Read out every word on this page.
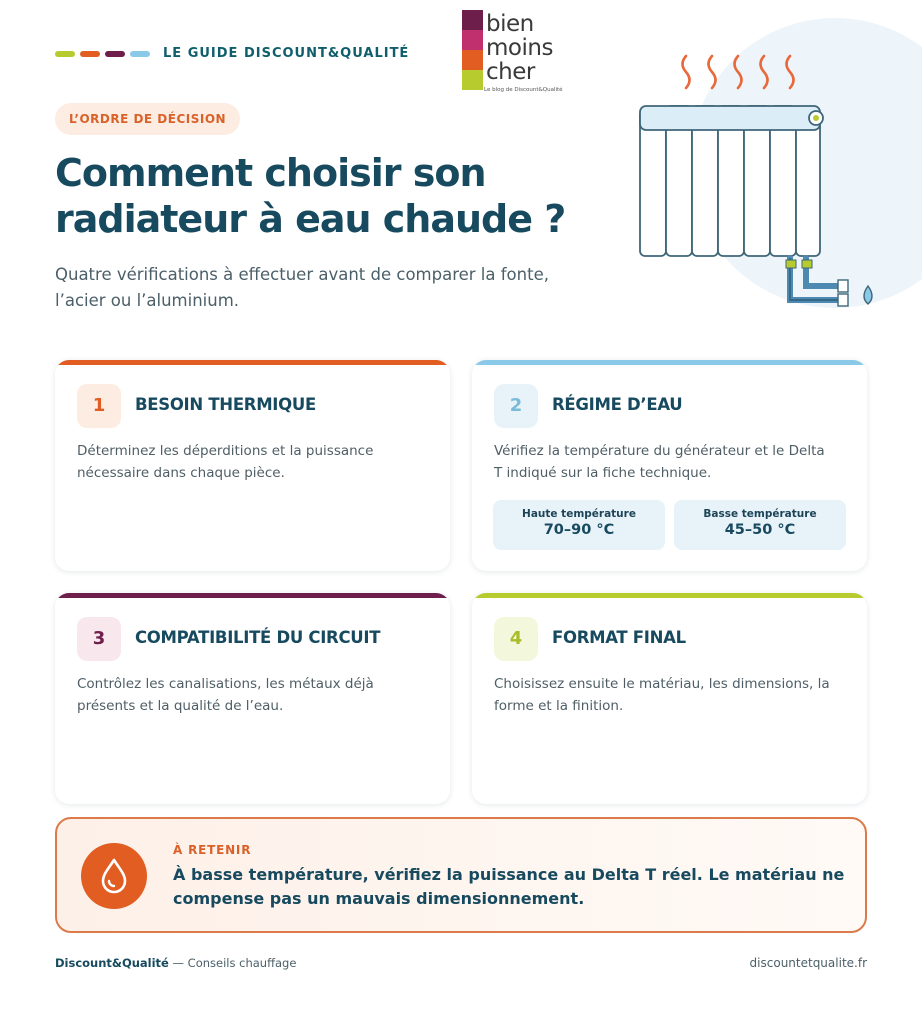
LE GUIDE DISCOUNT&QUALITÉ
bien
moins
cher
Le blog de Discount&Qualité
L’ORDRE DE DÉCISION
Comment choisir son radiateur à eau chaude ?
Quatre vérifications à effectuer avant de comparer la fonte, l’acier ou l’aluminium.
1	BESOIN THERMIQUE

Déterminez les déperditions et la puissance nécessaire dans chaque pièce.

2	RÉGIME D’EAU

Vérifiez la température du générateur et le Delta T indiqué sur la fiche technique.

Haute température
70–90 °C
Basse température
45–50 °C
3	COMPATIBILITÉ DU CIRCUIT

Contrôlez les canalisations, les métaux déjà présents et la qualité de l’eau.

4	FORMAT FINAL

Choisissez ensuite le matériau, les dimensions, la forme et la finition.

À RETENIR
À basse température, vérifiez la puissance au Delta T réel. Le matériau ne compense pas un mauvais dimensionnement.
Discount&Qualité — Conseils chauffage	discountetqualite.fr
